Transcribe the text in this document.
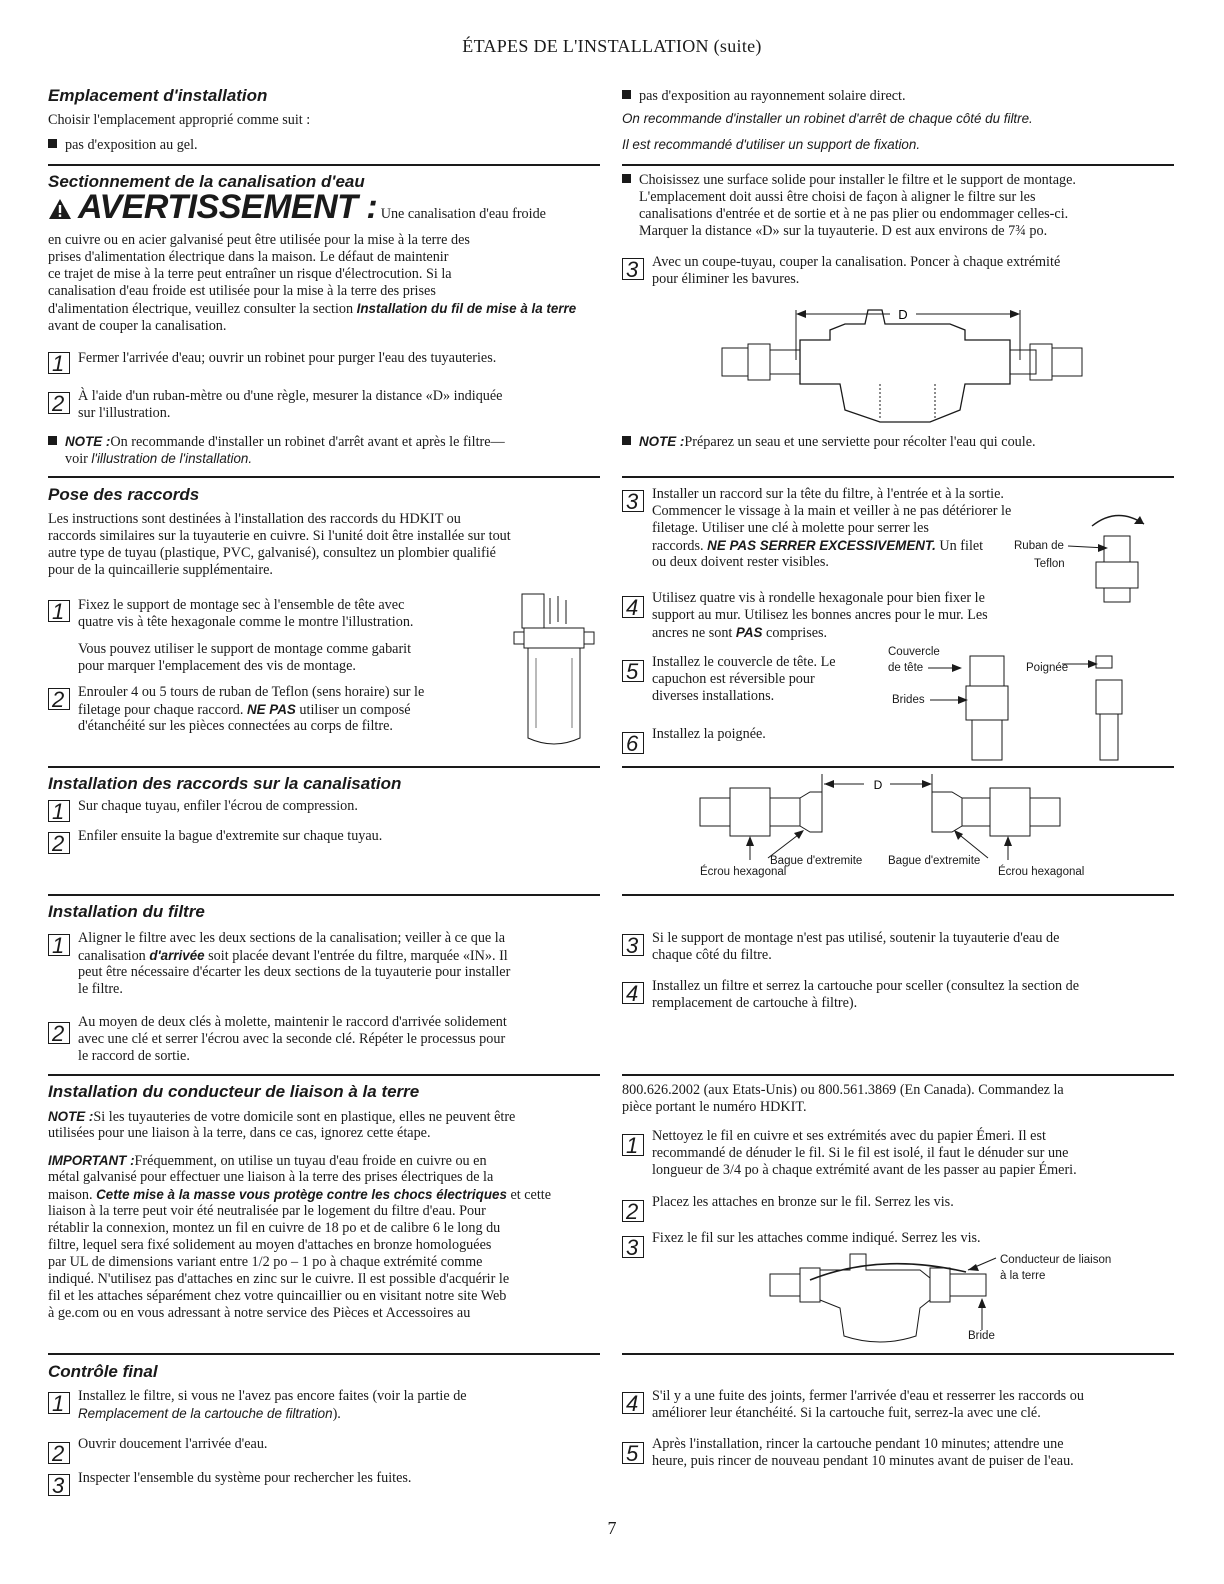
ÉTAPES DE L'INSTALLATION (suite)
Emplacement d'installation
Choisir l'emplacement approprié comme suit :
pas d'exposition au gel.
pas d'exposition au rayonnement solaire direct.
On recommande d'installer un robinet d'arrêt de chaque côté du filtre.
Il est recommandé d'utiliser un support de fixation.
Sectionnement de la canalisation d'eau
AVERTISSEMENT : Une canalisation d'eau froide
en cuivre ou en acier galvanisé peut être utilisée pour la mise à la terre des
prises d'alimentation électrique dans la maison. Le défaut de maintenir
ce trajet de mise à la terre peut entraîner un risque d'électrocution. Si la
canalisation d'eau froide est utilisée pour la mise à la terre des prises
d'alimentation électrique, veuillez consulter la section Installation du fil de mise à la terre avant de couper la canalisation.
1 Fermer l'arrivée d'eau; ouvrir un robinet pour purger l'eau des tuyauteries.
2 À l'aide d'un ruban-mètre ou d'une règle, mesurer la distance «D» indiquée
sur l'illustration.
NOTE :On recommande d'installer un robinet d'arrêt avant et après le filtre—
voir l'illustration de l'installation.
Choisissez une surface solide pour installer le filtre et le support de montage.
L'emplacement doit aussi être choisi de façon à aligner le filtre sur les
canalisations d'entrée et de sortie et à ne pas plier ou endommager celles-ci.
Marquer la distance «D» sur la tuyauterie. D est aux environs de 7¾ po.
3 Avec un coupe-tuyau, couper la canalisation. Poncer à chaque extrémité
pour éliminer les bavures.
D
NOTE :Préparez un seau et une serviette pour récolter l'eau qui coule.
Pose des raccords
Les instructions sont destinées à l'installation des raccords du HDKIT ou
raccords similaires sur la tuyauterie en cuivre. Si l'unité doit être installée sur tout
autre type de tuyau (plastique, PVC, galvanisé), consultez un plombier qualifié
pour de la quincaillerie supplémentaire.
1 Fixez le support de montage sec à l'ensemble de tête avec
quatre vis à tête hexagonale comme le montre l'illustration.
Vous pouvez utiliser le support de montage comme gabarit
pour marquer l'emplacement des vis de montage.
2 Enrouler 4 ou 5 tours de ruban de Teflon (sens horaire) sur le
filetage pour chaque raccord. NE PAS utiliser un composé
d'étanchéité sur les pièces connectées au corps de filtre.
3 Installer un raccord sur la tête du filtre, à l'entrée et à la sortie.
Commencer le vissage à la main et veiller à ne pas détériorer le
filetage. Utiliser une clé à molette pour serrer les
raccords. NE PAS SERRER EXCESSIVEMENT. Un filet
ou deux doivent rester visibles.
Ruban de
Teflon
4 Utilisez quatre vis à rondelle hexagonale pour bien fixer le
support au mur. Utilisez les bonnes ancres pour le mur. Les
ancres ne sont PAS comprises.
5 Installez le couvercle de tête. Le
capuchon est réversible pour
diverses installations.
Couvercle
de tête
Brides
Poignée
6 Installez la poignée.
Installation des raccords sur la canalisation
1 Sur chaque tuyau, enfiler l'écrou de compression.
2 Enfiler ensuite la bague d'extremite sur chaque tuyau.
D
Écrou hexagonal
Bague d'extremite Bague d'extremite
Écrou hexagonal
Installation du filtre
1 Aligner le filtre avec les deux sections de la canalisation; veiller à ce que la
canalisation d'arrivée soit placée devant l'entrée du filtre, marquée «IN». Il
peut être nécessaire d'écarter les deux sections de la tuyauterie pour installer
le filtre.
2 Au moyen de deux clés à molette, maintenir le raccord d'arrivée solidement
avec une clé et serrer l'écrou avec la seconde clé. Répéter le processus pour
le raccord de sortie.
3 Si le support de montage n'est pas utilisé, soutenir la tuyauterie d'eau de
chaque côté du filtre.
4 Installez un filtre et serrez la cartouche pour sceller (consultez la section de
remplacement de cartouche à filtre).
Installation du conducteur de liaison à la terre
NOTE :Si les tuyauteries de votre domicile sont en plastique, elles ne peuvent être
utilisées pour une liaison à la terre, dans ce cas, ignorez cette étape.
IMPORTANT :Fréquemment, on utilise un tuyau d'eau froide en cuivre ou en
métal galvanisé pour effectuer une liaison à la terre des prises électriques de la
maison. Cette mise à la masse vous protège contre les chocs électriques et cette
liaison à la terre peut voir été neutralisée par le logement du filtre d'eau. Pour
rétablir la connexion, montez un fil en cuivre de 18 po et de calibre 6 le long du
filtre, lequel sera fixé solidement au moyen d'attaches en bronze homologuées
par UL de dimensions variant entre 1/2 po – 1 po à chaque extrémité comme
indiqué. N'utilisez pas d'attaches en zinc sur le cuivre. Il est possible d'acquérir le
fil et les attaches séparément chez votre quincaillier ou en visitant notre site Web
à ge.com ou en vous adressant à notre service des Pièces et Accessoires au
800.626.2002 (aux Etats-Unis) ou 800.561.3869 (En Canada). Commandez la
pièce portant le numéro HDKIT.
1 Nettoyez le fil en cuivre et ses extrémités avec du papier Émeri. Il est
recommandé de dénuder le fil. Si le fil est isolé, il faut le dénuder sur une
longueur de 3/4 po à chaque extrémité avant de les passer au papier Émeri.
2 Placez les attaches en bronze sur le fil. Serrez les vis.
3 Fixez le fil sur les attaches comme indiqué. Serrez les vis.
Conducteur de liaison
à la terre
Bride
Contrôle final
1 Installez le filtre, si vous ne l'avez pas encore faites (voir la partie de
Remplacement de la cartouche de filtration).
2 Ouvrir doucement l'arrivée d'eau.
3 Inspecter l'ensemble du système pour rechercher les fuites.
4 S'il y a une fuite des joints, fermer l'arrivée d'eau et resserrer les raccords ou
améliorer leur étanchéité. Si la cartouche fuit, serrez-la avec une clé.
5 Après l'installation, rincer la cartouche pendant 10 minutes; attendre une
heure, puis rincer de nouveau pendant 10 minutes avant de puiser de l'eau.
7
